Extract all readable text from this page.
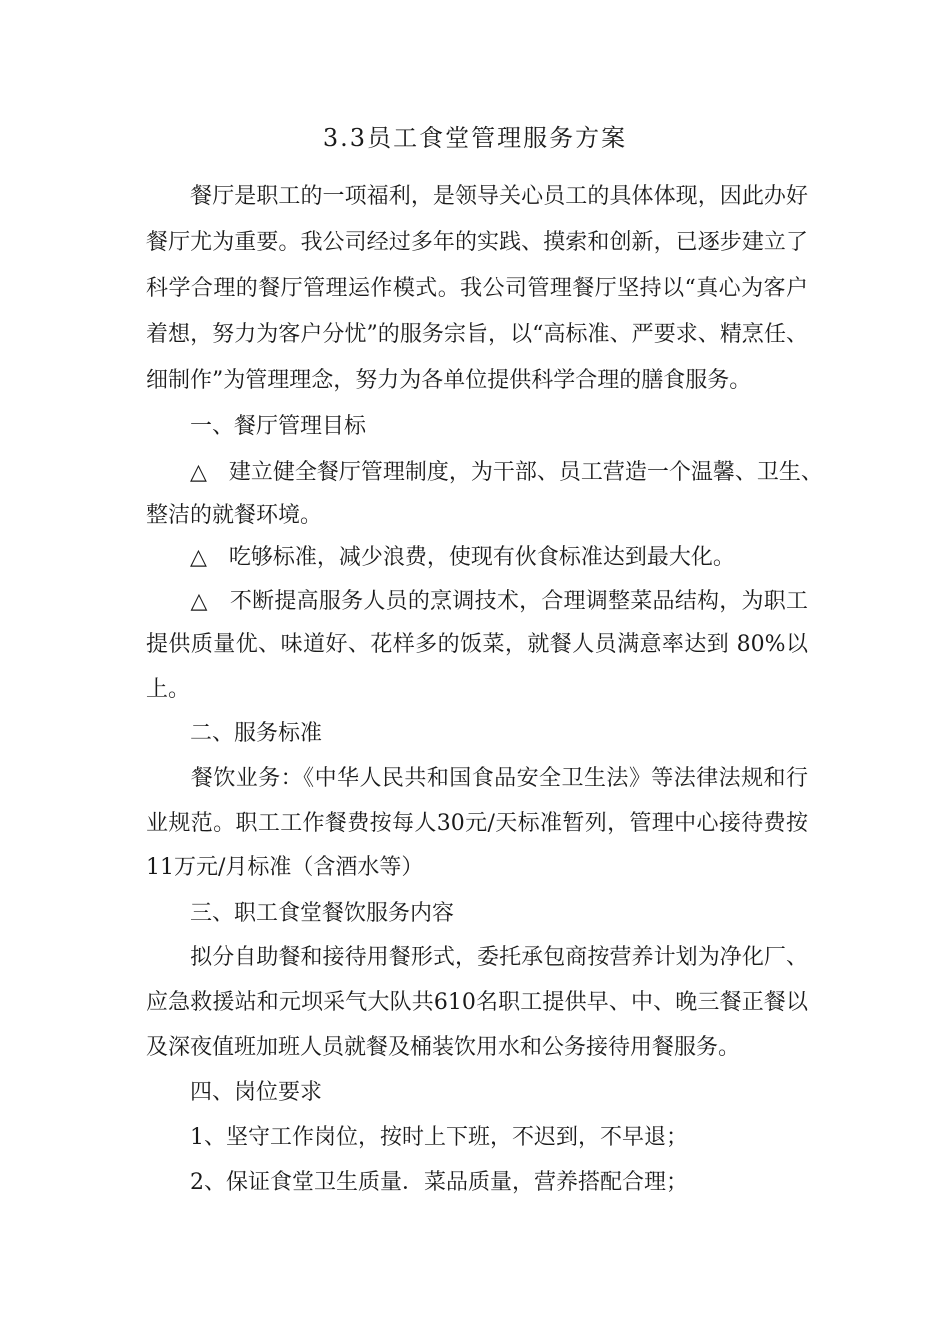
3.3员工食堂管理服务方案
　　餐厅是职工的一项福利，是领导关心员工的具体体现，因此办好
餐厅尤为重要。我公司经过多年的实践、摸索和创新，已逐步建立了
科学合理的餐厅管理运作模式。我公司管理餐厅坚持以“真心为客户
着想，努力为客户分忧”的服务宗旨，以“高标准、严要求、精烹任、
细制作”为管理理念，努力为各单位提供科学合理的膳食服务。
　　一、餐厅管理目标
　　△　建立健全餐厅管理制度，为干部、员工营造一个温馨、卫生、
整洁的就餐环境。
　　△　吃够标准，减少浪费，使现有伙食标准达到最大化。
　　△　不断提高服务人员的烹调技术，合理调整菜品结构，为职工
提供质量优、味道好、花样多的饭菜，就餐人员满意率达到 80%以
上。
　　二、服务标准
　　餐饮业务：《中华人民共和国食品安全卫生法》等法律法规和行
业规范。职工工作餐费按每人30元/天标准暂列，管理中心接待费按
11万元/月标准（含酒水等）
　　三、职工食堂餐饮服务内容
　　拟分自助餐和接待用餐形式，委托承包商按营养计划为净化厂、
应急救援站和元坝采气大队共610名职工提供早、中、晚三餐正餐以
及深夜值班加班人员就餐及桶装饮用水和公务接待用餐服务。
　　四、岗位要求
　　1、坚守工作岗位，按时上下班，不迟到，不早退；
　　2、保证食堂卫生质量．菜品质量，营养搭配合理；
